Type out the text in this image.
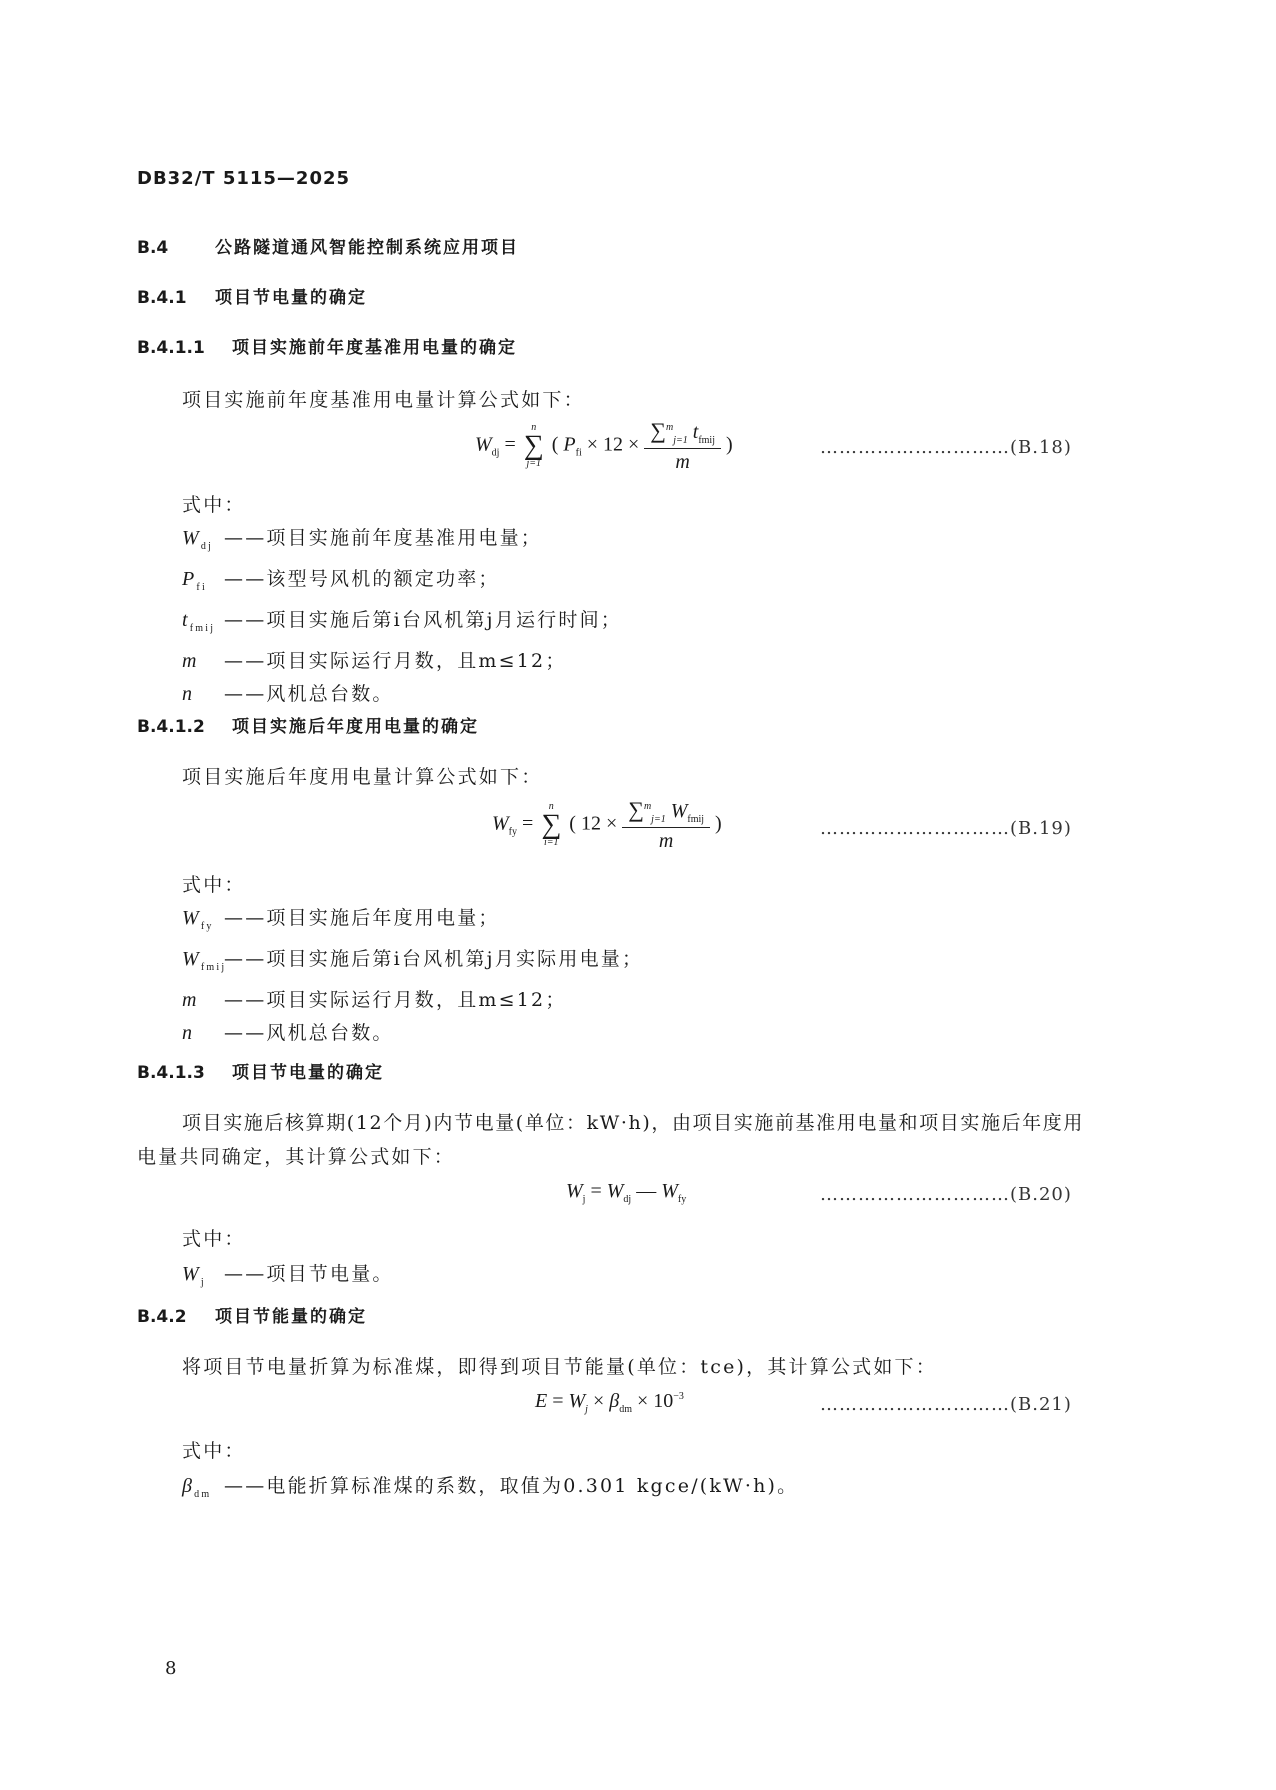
DB32/T 5115—2025
B.4	公路隧道通风智能控制系统应用项目
B.4.1 项目节电量的确定
B.4.1.1 项目实施前年度基准用电量的确定
项目实施前年度基准用电量计算公式如下：
$W_{dj}$ =
n
∑
j=1
( $P_{fi} \times 12 \times \frac{\sum^m_{j=1} t_{fmij}}{m}$ )	…………………………(B.18)
式中：
$W_{dj}$ ——项目实施前年度基准用电量；
$P_{fi}$ ——该型号风机的额定功率；
$t_{fmij}$ ——项目实施后第i台风机第j月运行时间；
m ——项目实际运行月数，且m≤12；
n ——风机总台数。
B.4.1.2 项目实施后年度用电量的确定
项目实施后年度用电量计算公式如下：
$W_{fy}$ =
n
∑
i=1
( $12 \times \frac{\sum^m_{j=1} W_{fmij}}{m}$ )	…………………………(B.19)
式中：
$W_{fy}$ ——项目实施后年度用电量；
$W_{fmij}——$项目实施后第i台风机第j月实际用电量；
m ——项目实际运行月数，且m≤12；
n ——风机总台数。
B.4.1.3 项目节电量的确定
项目实施后核算期(12个月)内节电量(单位：kW·h)，由项目实施前基准用电量和项目实施后年度用
电量共同确定，其计算公式如下：
$W_j = W_{dj}$ — $W_{fy}$	…………………………(B.20)
式中：
$W_j$ ——项目节电量。
B.4.2 项目节能量的确定
将项目节电量折算为标准煤，即得到项目节能量(单位：tce)，其计算公式如下：
$E = W_j \times \beta_{dm} \times 10^{-3}$	…………………………(B.21)
式中：
$\beta_{dm}$ ——电能折算标准煤的系数，取值为0.301 kgce/(kW·h)。
8
